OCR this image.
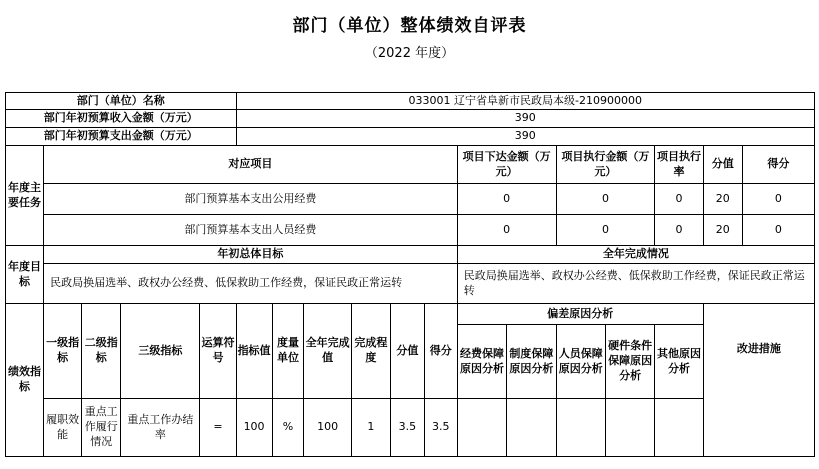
部门（单位）整体绩效自评表
（2022 年度）
部门（单位）名称					033001 辽宁省阜新市民政局本级-210900000												
部门年初预算收入金额（万元）					390												
部门年初预算支出金额（万元）					390												
年度主要任务	对应项目										项目下达金额（万元）		项目执行金额（万元）		项目执行率	分值	得分
	部门预算基本支出公用经费										0		0		0	20	0
	部门预算基本支出人员经费										0		0		0	20	0
年度目标	年初总体目标										全年完成情况						
	民政局换届选举、政权办公经费、低保救助工作经费，保证民政正常运转										民政局换届选举、政权办公经费、低保救助工作经费，保证民政正常运转						
绩效指标	一级指标	二级指标	三级指标	运算符号	指标值	度量单位	全年完成值	完成程度	分值	得分	偏差原因分析					改进措施	
											经费保障原因分析	制度保障原因分析	人员保障原因分析	硬件条件保障原因分析	其他原因分析		
	履职效能	重点工作履行情况	重点工作办结率	=	100	%	100	1	3.5	3.5							
